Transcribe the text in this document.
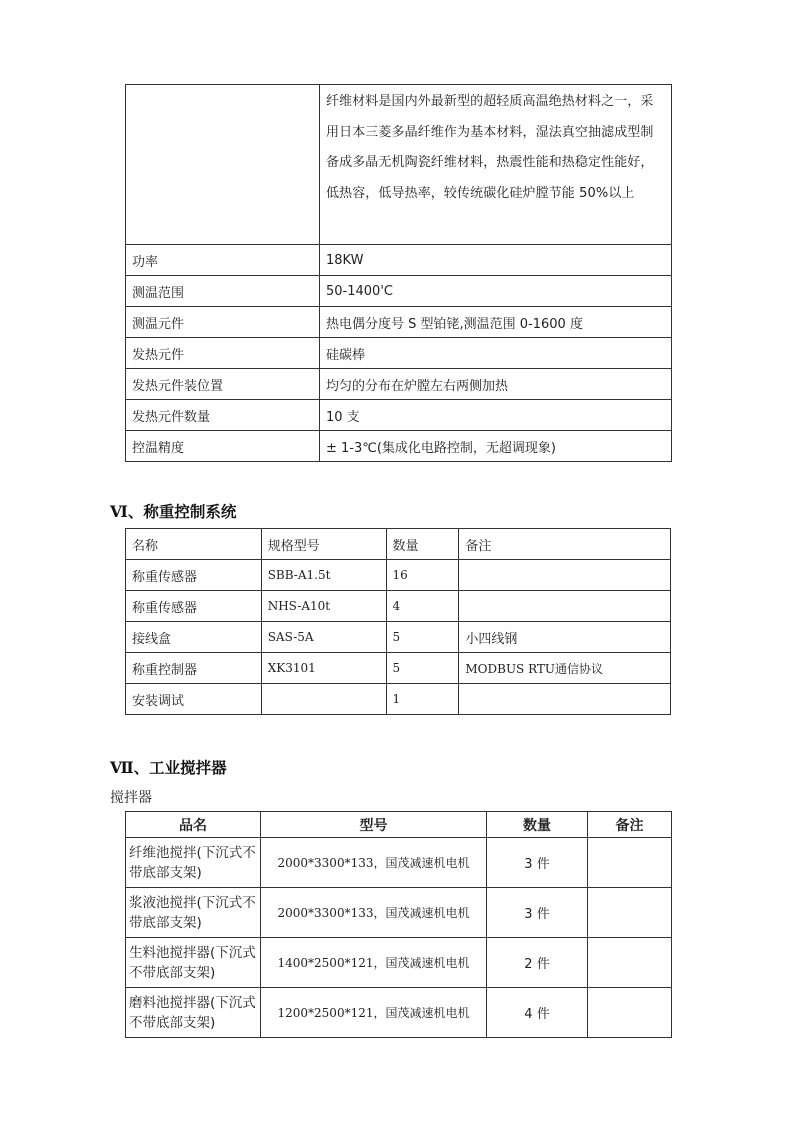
	纤维材料是国内外最新型的超轻质高温绝热材料之一，采用日本三菱多晶纤维作为基本材料，湿法真空抽滤成型制备成多晶无机陶瓷纤维材料，热震性能和热稳定性能好，低热容，低导热率，较传统碳化硅炉膛节能 50%以上
功率	18KW
测温范围	50-1400'C
测温元件	热电偶分度号 S 型铂铑,测温范围 0-1600 度
发热元件	硅碳棒
发热元件装位置	均匀的分布在炉膛左右两侧加热
发热元件数量	10 支
控温精度	± 1-3℃(集成化电路控制，无超调现象)
Ⅵ、称重控制系统
名称	规格型号	数量	备注
称重传感器	SBB-A1.5t	16	
称重传感器	NHS-A10t	4	
接线盒	SAS-5A	5	小四线钢
称重控制器	XK3101	5	MODBUS RTU通信协议
安装调试		1	
Ⅶ、工业搅拌器
搅拌器
品名	型号	数量	备注
纤维池搅拌(下沉式不带底部支架)	2000*3300*133，国茂减速机电机	3 件	
浆液池搅拌(下沉式不带底部支架)	2000*3300*133，国茂减速机电机	3 件	
生料池搅拌器(下沉式不带底部支架)	1400*2500*121，国茂减速机电机	2 件	
磨料池搅拌器(下沉式不带底部支架)	1200*2500*121，国茂减速机电机	4 件	
